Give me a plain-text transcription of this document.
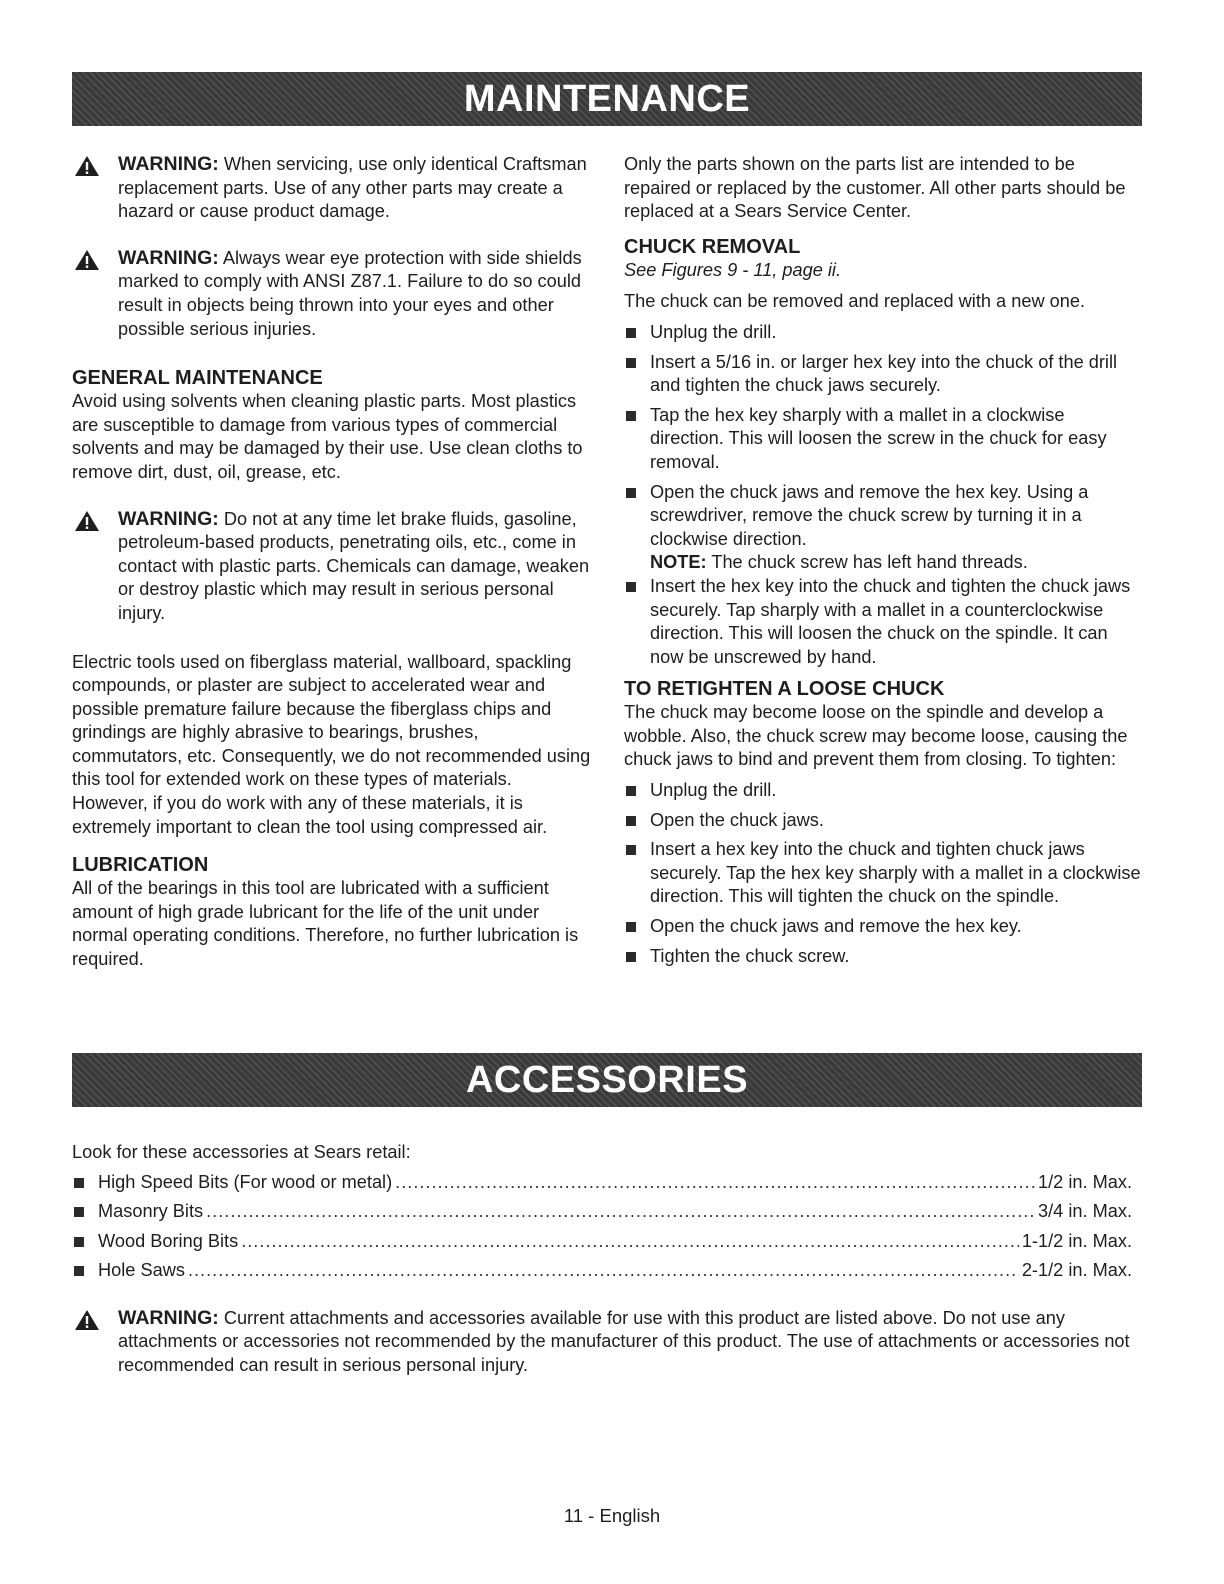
MAINTENANCE

WARNING: When servicing, use only identical Craftsman replacement parts. Use of any other parts may create a hazard or cause product damage.

WARNING: Always wear eye protection with side shields marked to comply with ANSI Z87.1. Failure to do so could result in objects being thrown into your eyes and other possible serious injuries.

GENERAL MAINTENANCE

Avoid using solvents when cleaning plastic parts. Most plastics are susceptible to damage from various types of commercial solvents and may be damaged by their use. Use clean cloths to remove dirt, dust, oil, grease, etc.

WARNING: Do not at any time let brake fluids, gasoline, petroleum-based products, penetrating oils, etc., come in contact with plastic parts. Chemicals can damage, weaken or destroy plastic which may result in serious personal injury.

Electric tools used on fiberglass material, wallboard, spackling compounds, or plaster are subject to accelerated wear and possible premature failure because the fiberglass chips and grindings are highly abrasive to bearings, brushes, commutators, etc. Consequently, we do not recommended using this tool for extended work on these types of materials. However, if you do work with any of these materials, it is extremely important to clean the tool using compressed air.

LUBRICATION

All of the bearings in this tool are lubricated with a sufficient amount of high grade lubricant for the life of the unit under normal operating conditions. Therefore, no further lubrication is required.

Only the parts shown on the parts list are intended to be repaired or replaced by the customer. All other parts should be replaced at a Sears Service Center.

CHUCK REMOVAL

See Figures 9 - 11, page ii.

The chuck can be removed and replaced with a new one.

Unplug the drill.
Insert a 5/16 in. or larger hex key into the chuck of the drill and tighten the chuck jaws securely.
Tap the hex key sharply with a mallet in a clockwise direction. This will loosen the screw in the chuck for easy removal.
Open the chuck jaws and remove the hex key. Using a screwdriver, remove the chuck screw by turning it in a clockwise direction.

NOTE: The chuck screw has left hand threads.

Insert the hex key into the chuck and tighten the chuck jaws securely. Tap sharply with a mallet in a counterclockwise direction. This will loosen the chuck on the spindle. It can now be unscrewed by hand.
TO RETIGHTEN A LOOSE CHUCK

The chuck may become loose on the spindle and develop a wobble. Also, the chuck screw may become loose, causing the chuck jaws to bind and prevent them from closing. To tighten:

Unplug the drill.
Open the chuck jaws.
Insert a hex key into the chuck and tighten chuck jaws securely. Tap the hex key sharply with a mallet in a clockwise direction. This will tighten the chuck on the spindle.
Open the chuck jaws and remove the hex key.
Tighten the chuck screw.
ACCESSORIES

Look for these accessories at Sears retail:

High Speed Bits (For wood or metal) .....	1/2 in. Max.
Masonry Bits .....	3/4 in. Max.
Wood Boring Bits .....	1-1/2 in. Max.
Hole Saws .....	2-1/2 in. Max.

WARNING: Current attachments and accessories available for use with this product are listed above. Do not use any attachments or accessories not recommended by the manufacturer of this product. The use of attachments or accessories not recommended can result in serious personal injury.

11 - English
